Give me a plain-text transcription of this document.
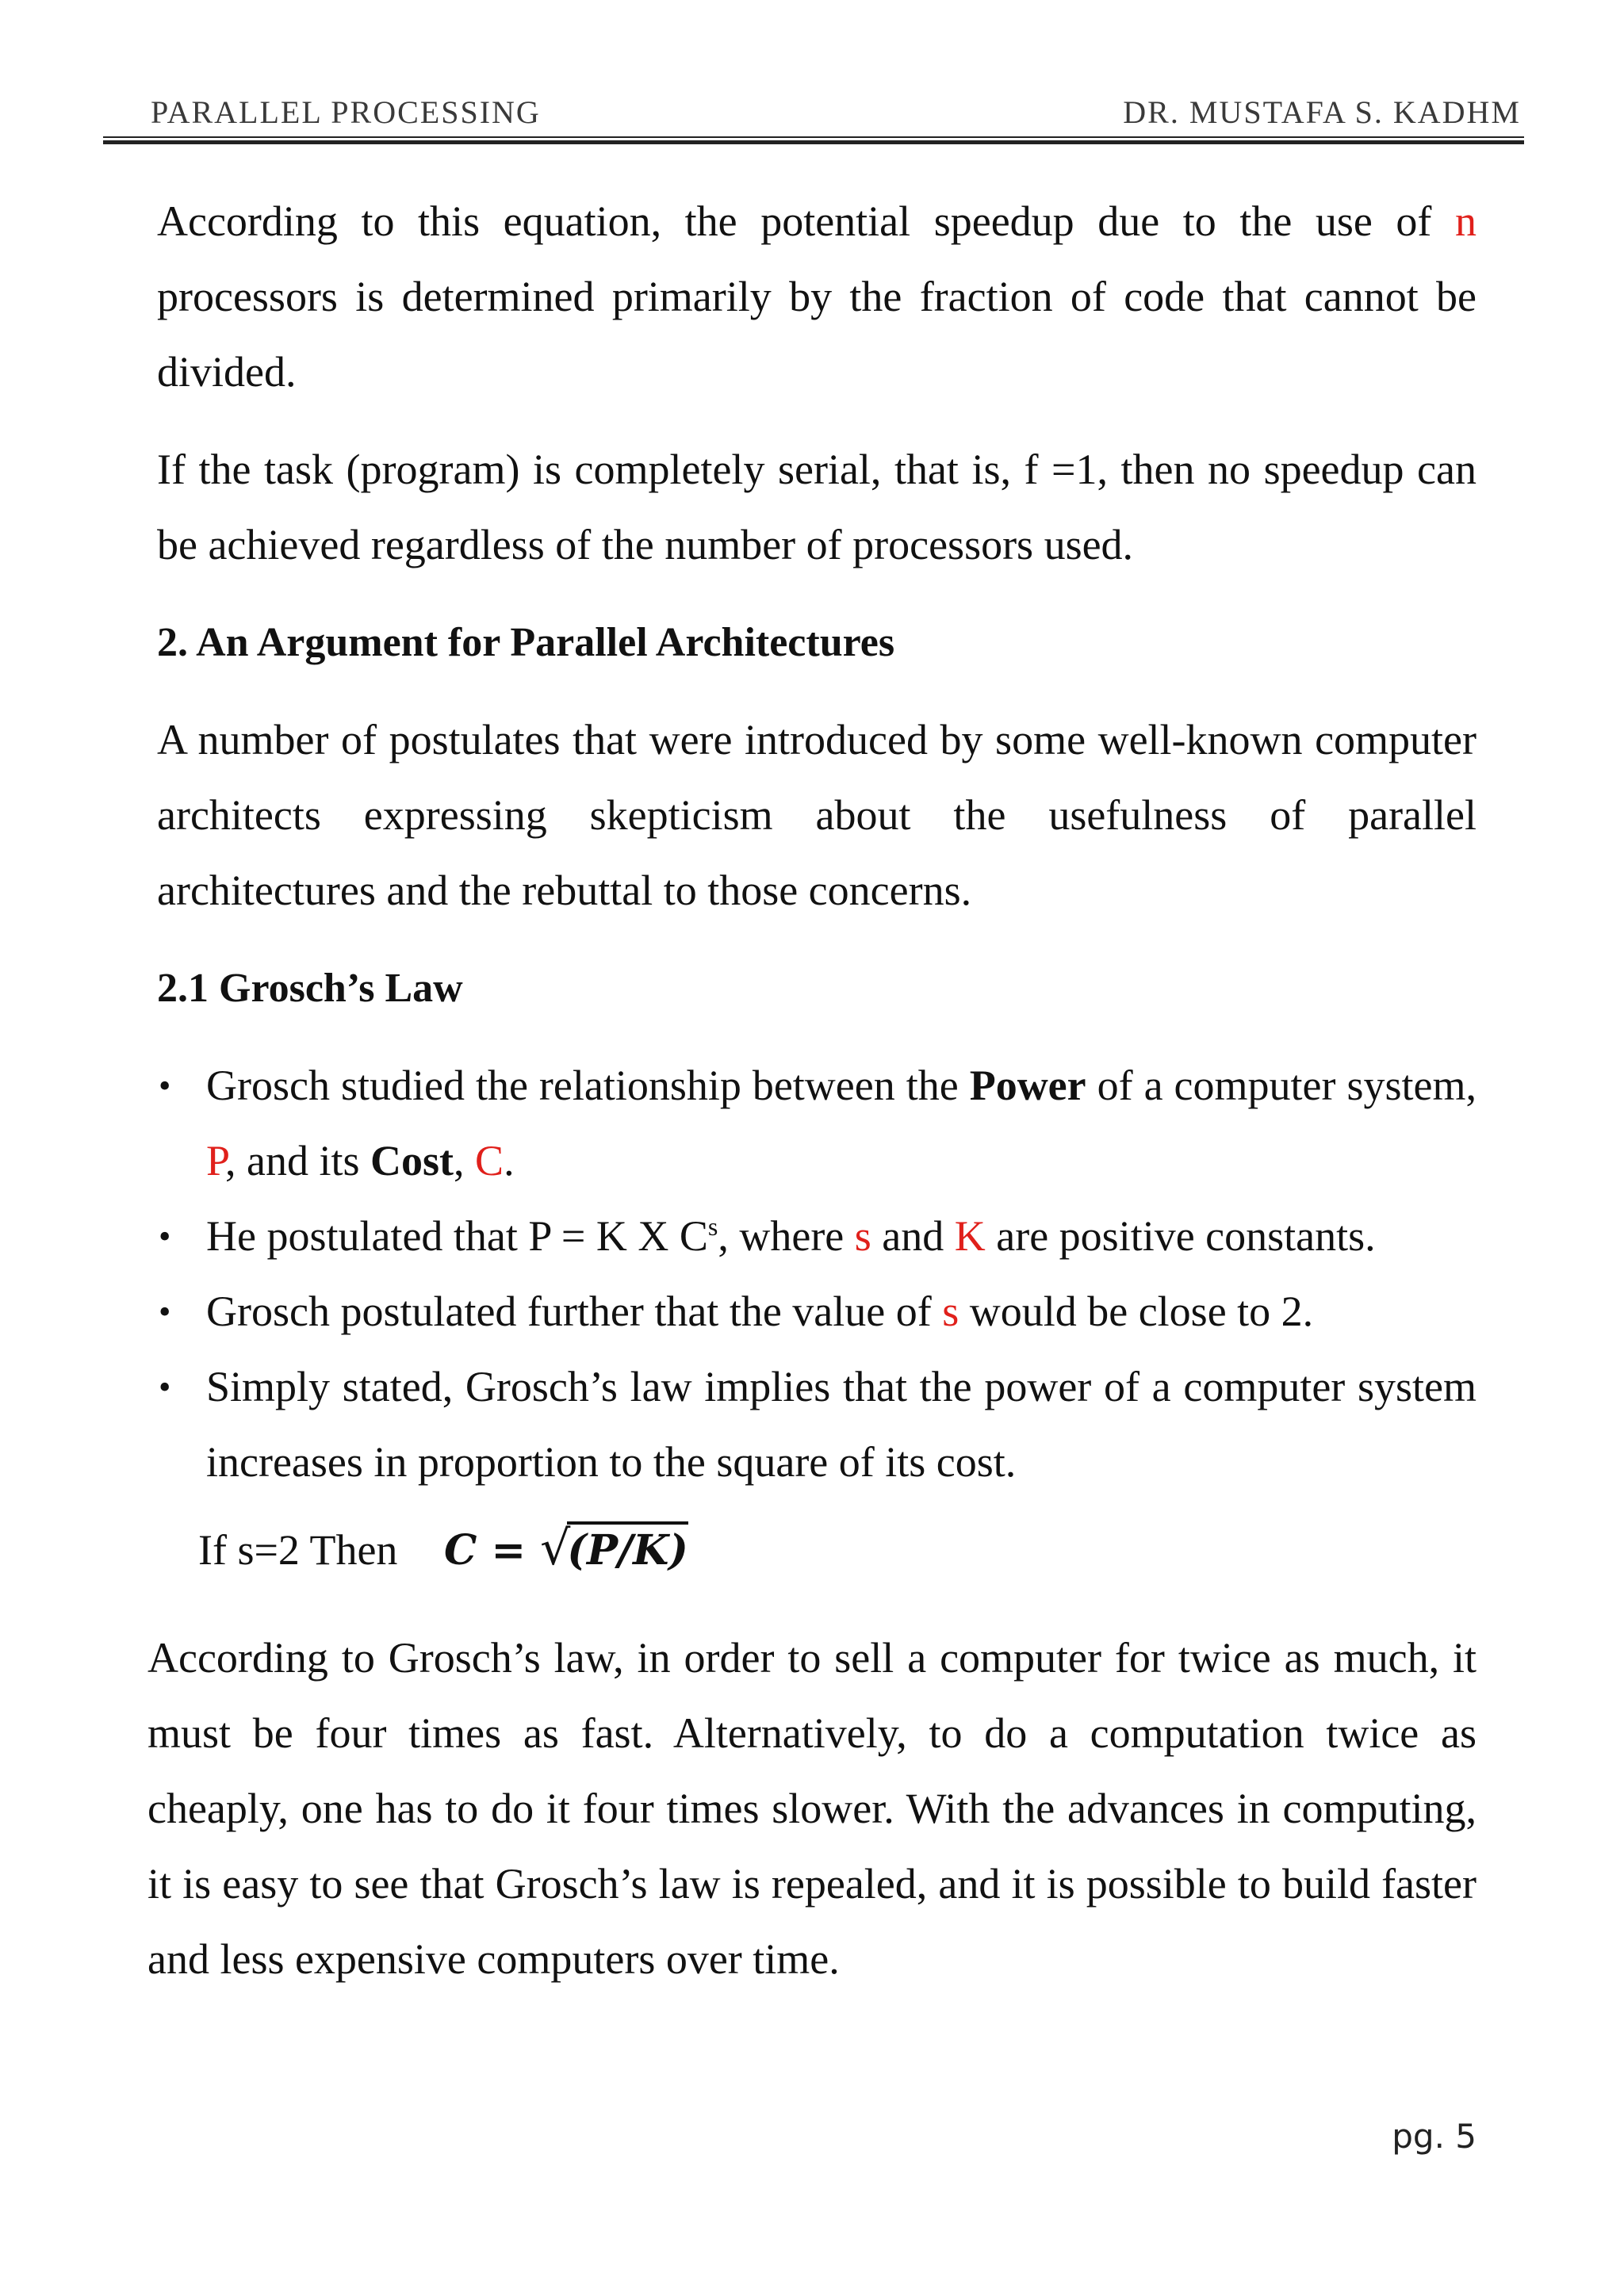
PARALLEL PROCESSING	DR. MUSTAFA S. KADHM

According to this equation, the potential speedup due to the use of n processors is determined primarily by the fraction of code that cannot be divided.

If the task (program) is completely serial, that is, f =1, then no speedup can be achieved regardless of the number of processors used.

2. An Argument for Parallel Architectures

A number of postulates that were introduced by some well-known computer architects expressing skepticism about the usefulness of parallel architectures and the rebuttal to those concerns.

2.1 Grosch’s Law
• Grosch studied the relationship between the Power of a computer system, P, and its Cost, C.
• He postulated that P = K X $C^s$, where s and K are positive constants.
• Grosch postulated further that the value of s would be close to 2.
• Simply stated, Grosch’s law implies that the power of a computer system increases in proportion to the square of its cost.
If s=2 Then C = √(P/K)

According to Grosch’s law, in order to sell a computer for twice as much, it must be four times as fast. Alternatively, to do a computation twice as cheaply, one has to do it four times slower. With the advances in computing, it is easy to see that Grosch’s law is repealed, and it is possible to build faster and less expensive computers over time.

pg. 5
